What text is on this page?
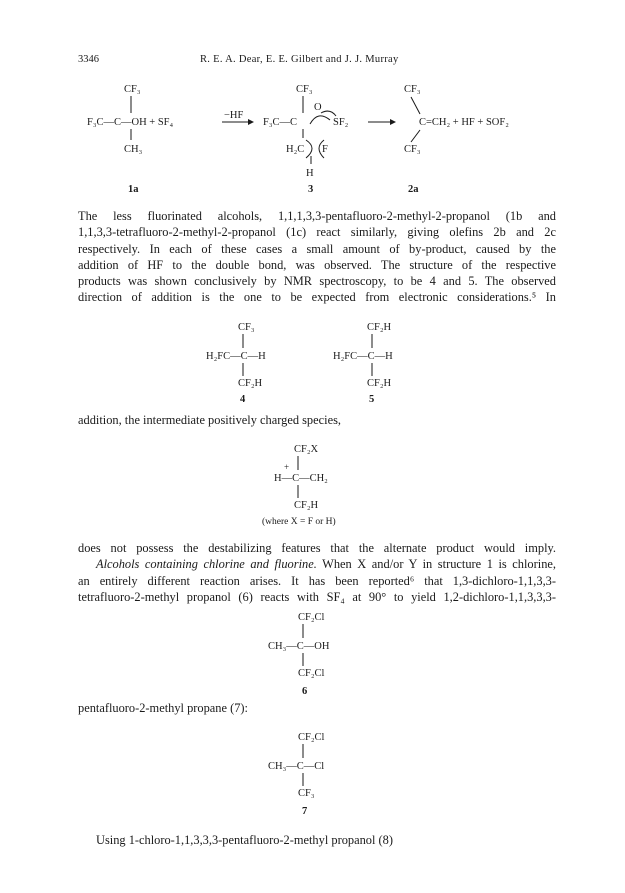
3346	R. E. A. Dear, E. E. Gilbert and J. J. Murray
CF₃
F₃C—C—OH + SF₄
CH₃
−HF
CF₃
F₃C—C
O
SF₂
H₂C F
H
CF₃
C=CH₂ + HF + SOF₂
CF₃
1a	3	2a
The less fluorinated alcohols, 1,1,1,3,3-pentafluoro-2-methyl-2-propanol (1b and
1,1,3,3-tetrafluoro-2-methyl-2-propanol (1c) react similarly, giving olefins 2b and 2c
respectively. In each of these cases a small amount of by-product, caused by the
addition of HF to the double bond, was observed. The structure of the respective
products was shown conclusively by NMR spectroscopy, to be 4 and 5. The observed
direction of addition is the one to be expected from electronic considerations.⁵ In
CF₃
H₂FC—C—H
CF₂H
4
CF₂H
H₂FC—C—H
CF₂H
5
addition, the intermediate positively charged species,
CF₂X
+
H—C—CH₂
CF₂H
(where X = F or H)
does not possess the destabilizing features that the alternate product would imply.
Alcohols containing chlorine and fluorine. When X and/or Y in structure 1 is chlorine,
an entirely different reaction arises. It has been reported⁶ that 1,3-dichloro-1,1,3,3-
tetrafluoro-2-methyl propanol (6) reacts with SF₄ at 90° to yield 1,2-dichloro-1,1,3,3,3-
CF₂Cl
CH₃—C—OH
CF₂Cl
6
pentafluoro-2-methyl propane (7):
CF₂Cl
CH₃—C—Cl
CF₃
7
Using 1-chloro-1,1,3,3,3-pentafluoro-2-methyl propanol (8)
